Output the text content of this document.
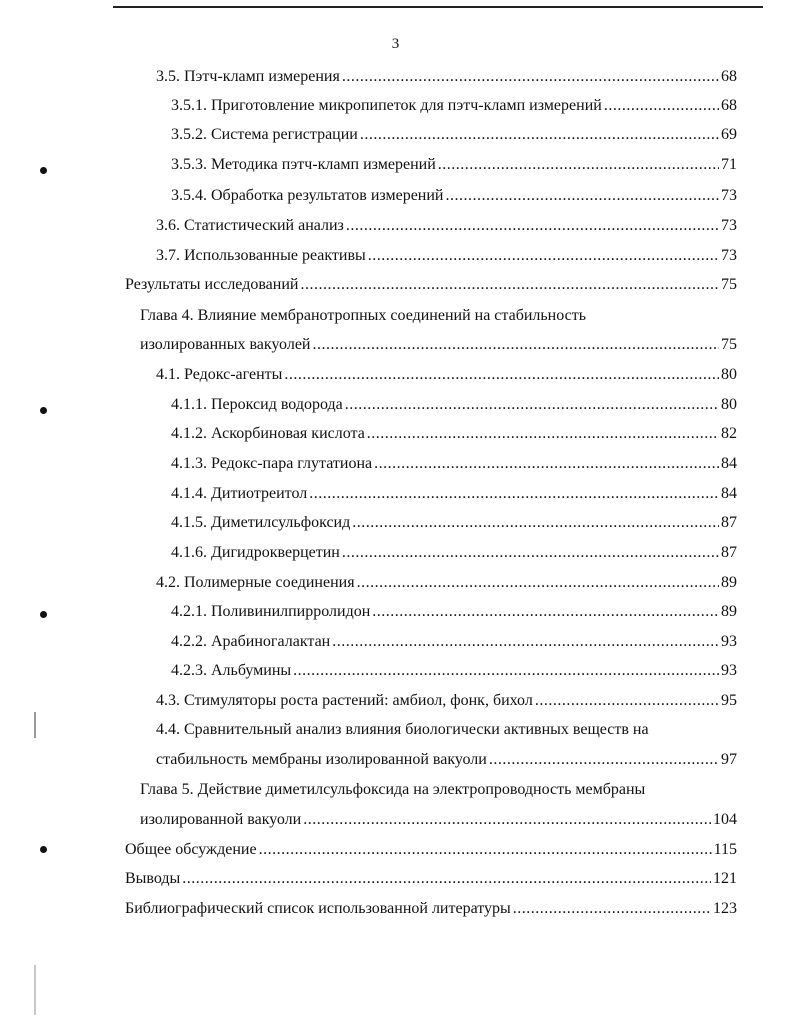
3
3.5. Пэтч-кламп измерения .....	68
3.5.1. Приготовление микропипеток для пэтч-кламп измерений .....	68
3.5.2. Система регистрации .....	69
3.5.3. Методика пэтч-кламп измерений .....	71
3.5.4. Обработка результатов измерений .....	73
3.6. Статистический анализ .....	73
3.7. Использованные реактивы .....	73
Результаты исследований .....	75
Глава 4. Влияние мембранотропных соединений на стабильность
изолированных вакуолей .....	75
4.1. Редокс-агенты .....	80
4.1.1. Пероксид водорода .....	80
4.1.2. Аскорбиновая кислота .....	82
4.1.3. Редокс-пара глутатиона .....	84
4.1.4. Дитиотреитол .....	84
4.1.5. Диметилсульфоксид .....	87
4.1.6. Дигидрокверцетин .....	87
4.2. Полимерные соединения .....	89
4.2.1. Поливинилпирролидон .....	89
4.2.2. Арабиногалактан .....	93
4.2.3. Альбумины .....	93
4.3. Стимуляторы роста растений: амбиол, фонк, бихол .....	95
4.4. Сравнительный анализ влияния биологически активных веществ на
стабильность мембраны изолированной вакуоли .....	97
Глава 5. Действие диметилсульфоксида на электропроводность мембраны
изолированной вакуоли .....	104
Общее обсуждение .....	115
Выводы .....	121
Библиографический список использованной литературы .....	123
